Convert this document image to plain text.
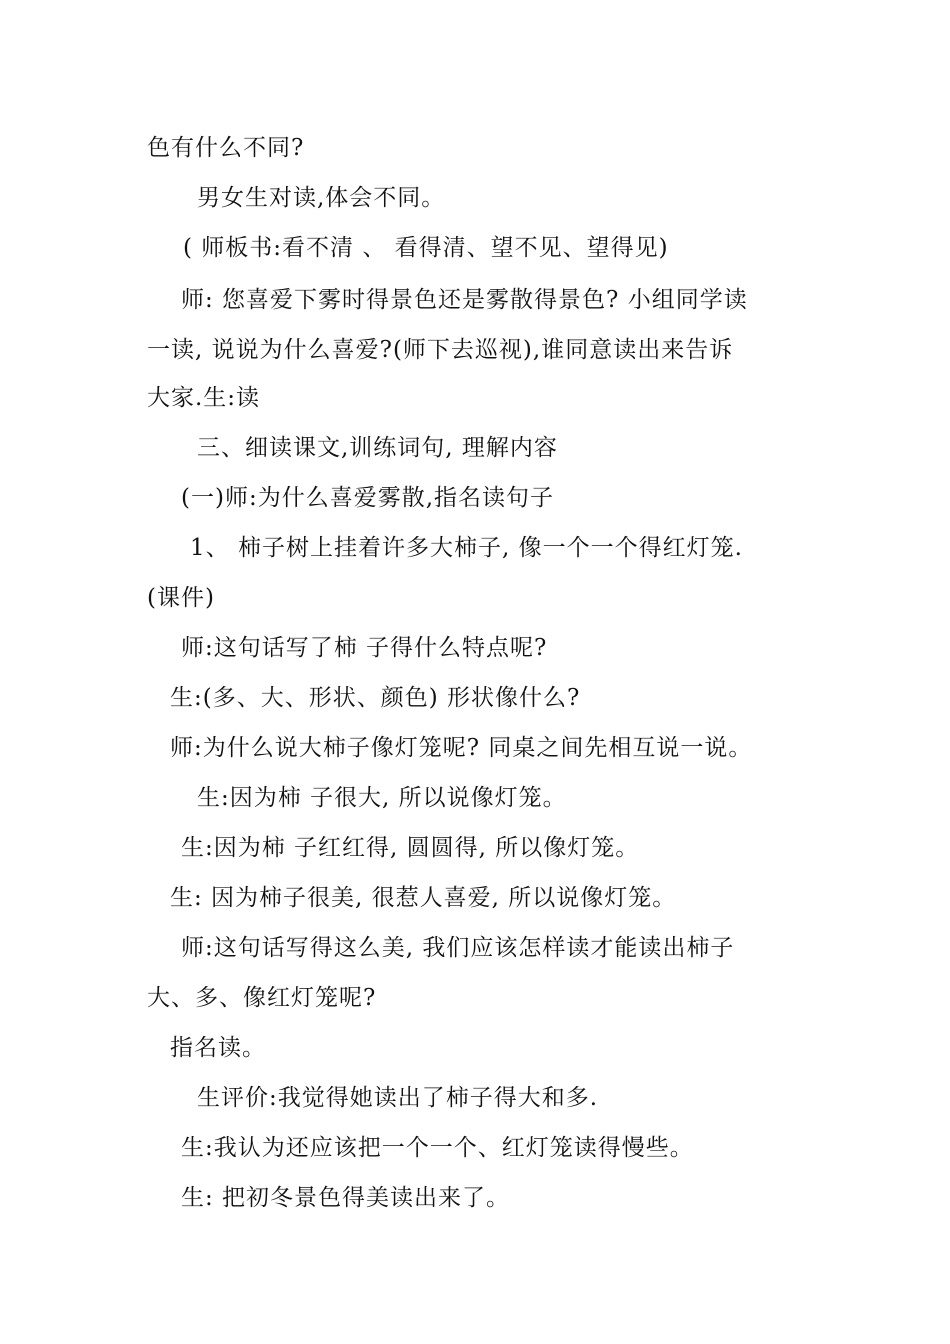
色有什么不同?
男女生对读,体会不同。
( 师板书:看不清 、 看得清、望不见、望得见)
师: 您喜爱下雾时得景色还是雾散得景色? 小组同学读
一读, 说说为什么喜爱?(师下去巡视),谁同意读出来告诉
大家.生:读
三、细读课文,训练词句, 理解内容
(一)师:为什么喜爱雾散,指名读句子
1、 柿子树上挂着许多大柿子, 像一个一个得红灯笼.
(课件)
师:这句话写了柿 子得什么特点呢?
生:(多、大、形状、颜色) 形状像什么?
师:为什么说大柿子像灯笼呢? 同桌之间先相互说一说。
生:因为柿 子很大, 所以说像灯笼。
生:因为柿 子红红得, 圆圆得, 所以像灯笼。
生: 因为柿子很美, 很惹人喜爱, 所以说像灯笼。
师:这句话写得这么美, 我们应该怎样读才能读出柿子
大、多、像红灯笼呢?
指名读。
生评价:我觉得她读出了柿子得大和多.
生:我认为还应该把一个一个、红灯笼读得慢些。
生: 把初冬景色得美读出来了。
